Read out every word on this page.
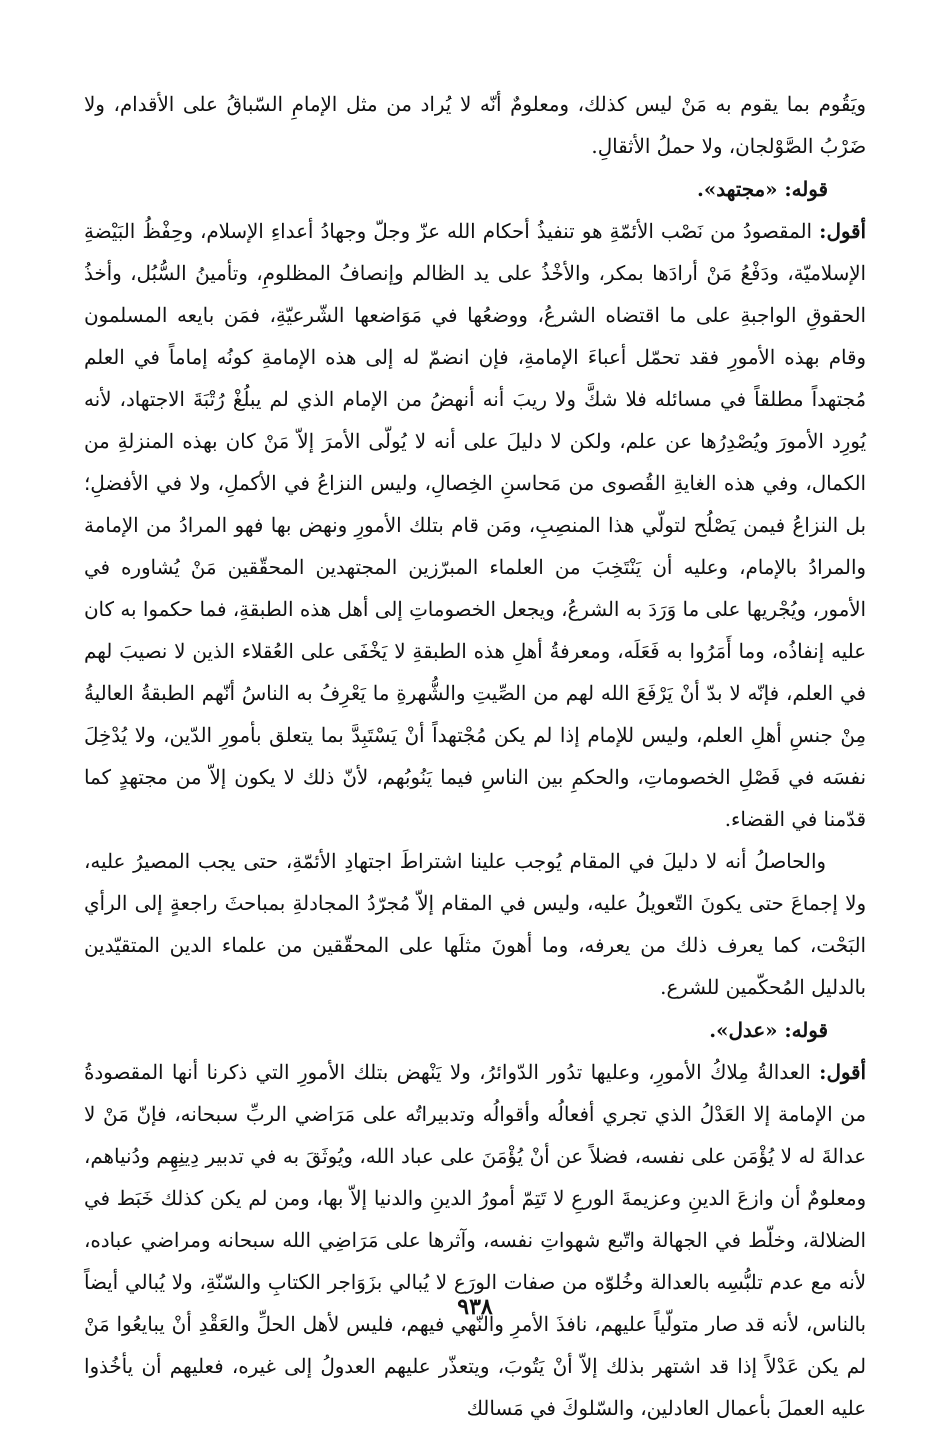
ويَقُوم بما يقوم به مَنْ ليس كذلك، ومعلومٌ أنّه لا يُراد من مثل الإمامِ السّباقُ على الأقدام، ولا ضَرْبُ الصَّوْلجان، ولا حملُ الأثقالِ.

قوله: «مجتهد».

أقول: المقصودُ من نَصْب الأئمّةِ هو تنفيذُ أحكام الله عزّ وجلّ وجهادُ أعداءِ الإسلام، وحِفْظُ البَيْضةِ الإسلاميّة، ودَفْعُ مَنْ أرادَها بمكر، والأخْذُ على يد الظالم وإنصافُ المظلومِ، وتأمينُ السُّبُل، وأخذُ الحقوقِ الواجبةِ على ما اقتضاه الشرعُ، ووضعُها في مَوَاضعها الشّرعيّةِ، فمَن بايعه المسلمون وقام بهذه الأمورِ فقد تحمّل أعباءَ الإمامةِ، فإن انضمّ له إلى هذه الإمامةِ كونُه إماماً في العلم مُجتهداً مطلقاً في مسائله فلا شكَّ ولا ريبَ أنه أنهضُ من الإمام الذي لم يبلُغْ رُتْبَةَ الاجتهاد، لأنه يُورِد الأمورَ ويُصْدِرُها عن علم، ولكن لا دليلَ على أنه لا يُولّى الأمرَ إلاّ مَنْ كان بهذه المنزلةِ من الكمال، وفي هذه الغايةِ القُصوى من مَحاسنِ الخِصالِ، وليس النزاعُ في الأكملِ، ولا في الأفضلِ؛ بل النزاعُ فيمن يَصْلُح لتولّي هذا المنصِبِ، ومَن قام بتلك الأمورِ ونهض بها فهو المرادُ من الإمامة والمرادُ بالإمام، وعليه أن يَنْتَخِبَ من العلماء المبرّزين المجتهدين المحقّقين مَنْ يُشاوره في الأمور، ويُجْريها على ما وَرَدَ به الشرعُ، ويجعل الخصوماتِ إلى أهل هذه الطبقةِ، فما حكموا به كان عليه إنفاذُه، وما أَمَرُوا به فَعَلَه، ومعرفةُ أهلِ هذه الطبقةِ لا يَخْفَى على العُقلاء الذين لا نصيبَ لهم في العلم، فإنّه لا بدّ أنْ يَرْفَعَ الله لهم من الصِّيتِ والشُّهرةِ ما يَعْرِفُ به الناسُ أنّهم الطبقةُ العاليةُ مِنْ جنسِ أهلِ العلم، وليس للإمام إذا لم يكن مُجْتهداً أنْ يَسْتَبِدَّ بما يتعلق بأمورِ الدّين، ولا يُدْخِلَ نفسَه في فَصْلِ الخصوماتِ، والحكمِ بين الناسِ فيما يَنُوبُهم، لأنّ ذلك لا يكون إلاّ من مجتهدٍ كما قدّمنا في القضاء.

والحاصلُ أنه لا دليلَ في المقام يُوجب علينا اشتراطَ اجتهادِ الأئمّةِ، حتى يجب المصيرُ عليه، ولا إجماعَ حتى يكونَ التّعويلُ عليه، وليس في المقام إلاّ مُجرّدُ المجادلةِ بمباحثَ راجعةٍ إلى الرأي البَحْت، كما يعرف ذلك من يعرفه، وما أهونَ مثلَها على المحقّقين من علماء الدين المتقيّدين بالدليل المُحكّمين للشرع.

قوله: «عدل».

أقول: العدالةُ مِلاكُ الأمورِ، وعليها تدُور الدّوائرُ، ولا يَنْهض بتلك الأمورِ التي ذكرنا أنها المقصودةُ من الإمامة إلا العَدْلُ الذي تجري أفعالُه وأقوالُه وتدبيراتُه على مَرَاضي الربِّ سبحانه، فإنّ مَنْ لا عدالةَ له لا يُؤْمَن على نفسه، فضلاً عن أنْ يُؤْمَنَ على عباد الله، ويُوثَقَ به في تدبير دِينِهِم ودُنياهم، ومعلومٌ أن وازعَ الدينِ وعزيمةَ الورعِ لا تَتِمّ أمورُ الدينِ والدنيا إلاّ بها، ومن لم يكن كذلك خَبَط في الضلالة، وخلّط في الجهالة واتّبع شهواتِ نفسه، وآثرها على مَرَاضِي الله سبحانه ومراضي عباده، لأنه مع عدم تلبُّسِه بالعدالة وخُلوّه من صفات الورَع لا يُبالي بزَوَاجر الكتابِ والسّنّةِ، ولا يُبالي أيضاً بالناس، لأنه قد صار متولّياً عليهم، نافذَ الأمرِ والنّهي فيهم، فليس لأهل الحلِّ والعَقْدِ أنْ يبايعُوا مَنْ لم يكن عَدْلاً إذا قد اشتهر بذلك إلاّ أنْ يَتُوبَ، ويتعذّر عليهم العدولُ إلى غيره، فعليهم أن يأخُذوا عليه العملَ بأعمال العادلين، والسّلوكَ في مَسالك

٩٣٨
